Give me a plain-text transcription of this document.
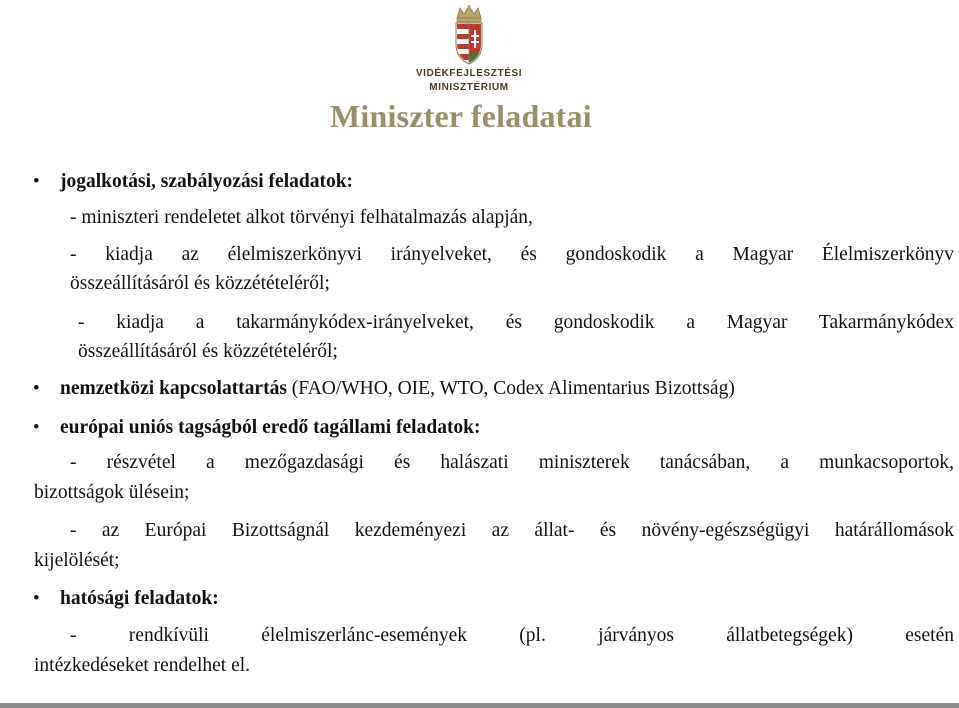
VIDÉKFEJLESZTÉSI
MINISZTÉRIUM
Miniszter feladatai
• jogalkotási, szabályozási feladatok:
- miniszteri rendeletet alkot törvényi felhatalmazás alapján,
- kiadja az élelmiszerkönyvi irányelveket, és gondoskodik a Magyar Élelmiszerkönyv
összeállításáról és közzétételéről;
- kiadja a takarmánykódex-irányelveket, és gondoskodik a Magyar Takarmánykódex
összeállításáról és közzétételéről;
• nemzetközi kapcsolattartás (FAO/WHO, OIE, WTO, Codex Alimentarius Bizottság)
• európai uniós tagságból eredő tagállami feladatok:
- részvétel a mezőgazdasági és halászati miniszterek tanácsában, a munkacsoportok,
bizottságok ülésein;
- az Európai Bizottságnál kezdeményezi az állat- és növény-egészségügyi határállomások
kijelölését;
• hatósági feladatok:
- rendkívüli élelmiszerlánc-események (pl. járványos állatbetegségek) esetén
intézkedéseket rendelhet el.
